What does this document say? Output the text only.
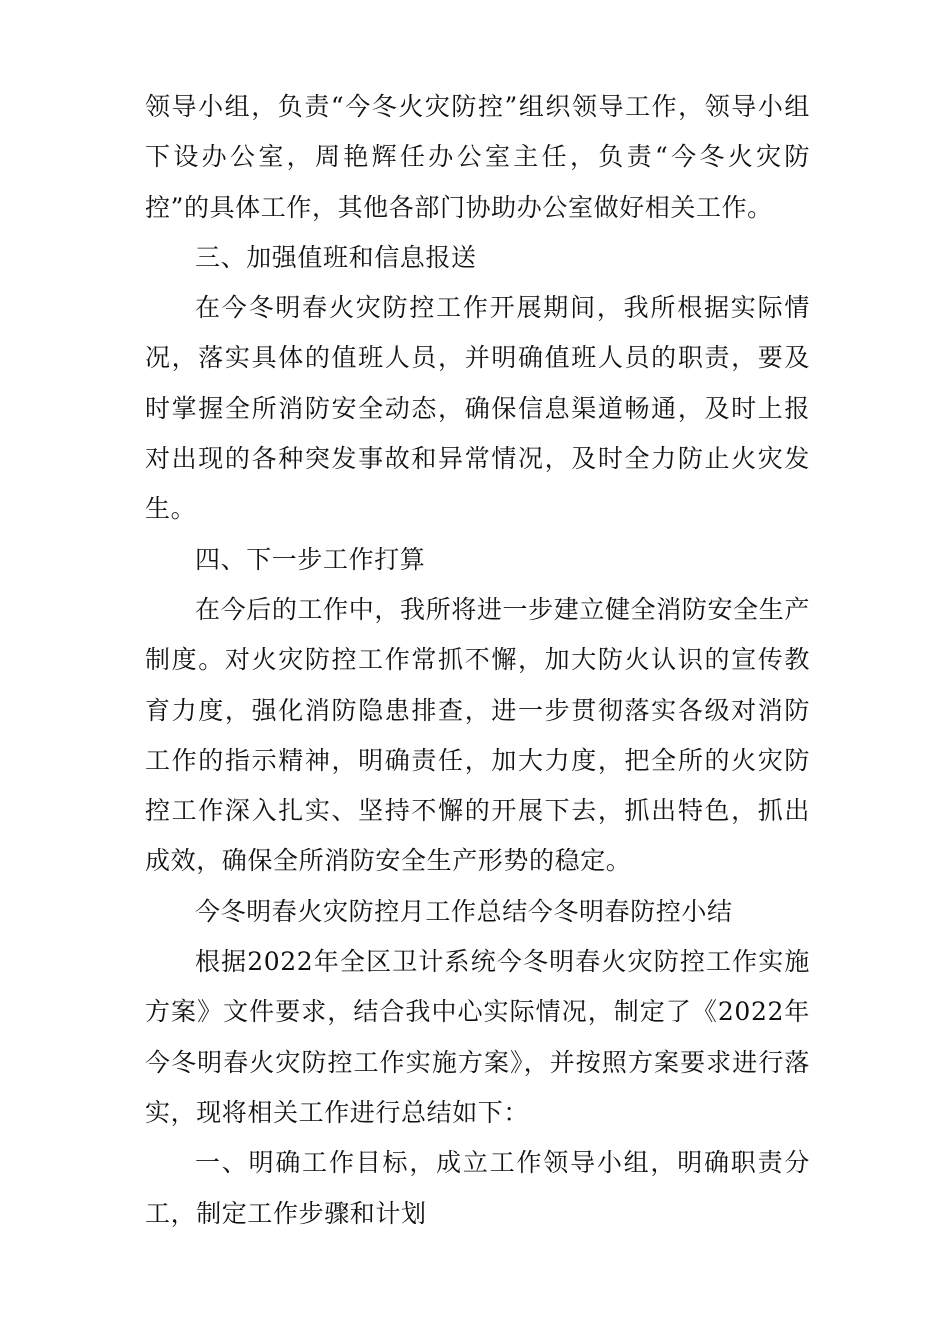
领导小组，负责“今冬火灾防控”组织领导工作，领导小组下设办公室，周艳辉任办公室主任，负责“今冬火灾防控”的具体工作，其他各部门协助办公室做好相关工作。

三、加强值班和信息报送

在今冬明春火灾防控工作开展期间，我所根据实际情况，落实具体的值班人员，并明确值班人员的职责，要及时掌握全所消防安全动态，确保信息渠道畅通，及时上报对出现的各种突发事故和异常情况，及时全力防止火灾发生。

四、下一步工作打算

在今后的工作中，我所将进一步建立健全消防安全生产制度。对火灾防控工作常抓不懈，加大防火认识的宣传教育力度，强化消防隐患排查，进一步贯彻落实各级对消防工作的指示精神，明确责任，加大力度，把全所的火灾防控工作深入扎实、坚持不懈的开展下去，抓出特色，抓出成效，确保全所消防安全生产形势的稳定。

今冬明春火灾防控月工作总结今冬明春防控小结

根据2022年全区卫计系统今冬明春火灾防控工作实施方案》文件要求，结合我中心实际情况，制定了《2022年今冬明春火灾防控工作实施方案》，并按照方案要求进行落实，现将相关工作进行总结如下：

一、明确工作目标，成立工作领导小组，明确职责分工，制定工作步骤和计划
